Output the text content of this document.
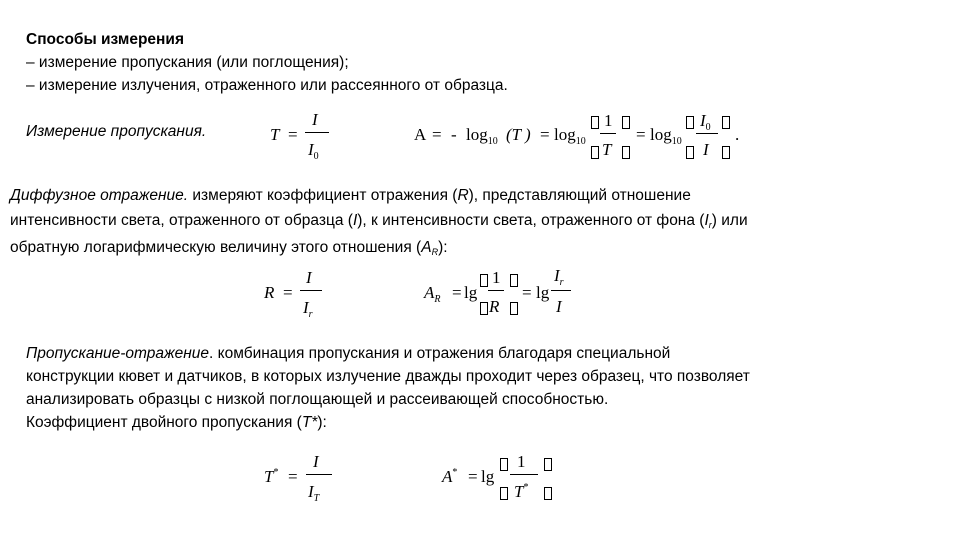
Способы измерения
– измерение пропускания (или поглощения);
– измерение излучения, отраженного или рассеянного от образца.
Измерение пропускания.	T =
I
$I_0$
A = - $\log_{10} (T$ ) = $\log_{10}$
1
T
= $\log_{10}$
$I_0$
I
.
Диффузное отражение. измеряют коэффициент отражения (R), представляющий отношение
интенсивности света, отраженного от образца (I), к интенсивности света, отраженного от фона (Ir) или
обратную логарифмическую величину этого отношения (AR):
R =
I
$I_r$
$A_R = \lg$
1
R
= lg
$I_r$
I
Пропускание-отражение. комбинация пропускания и отражения благодаря специальной
конструкции кювет и датчиков, в которых излучение дважды проходит через образец, что позволяет
анализировать образцы с низкой поглощающей и рассеивающей способностью.
Коэффициент двойного пропускания (T*):
T* =
I
$I_T$
A* = lg
1
T*
